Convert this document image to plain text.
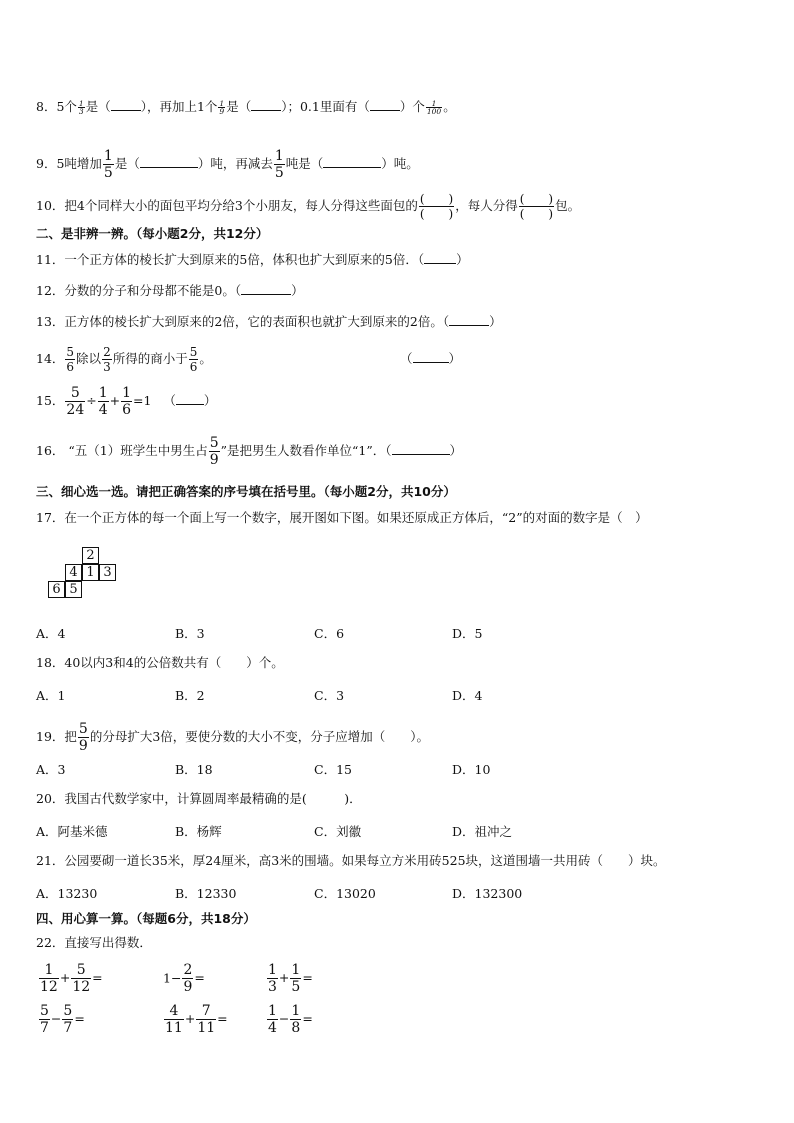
8．5个 $\frac{1}{3}$ 是（ ），再加上1个 $\frac{1}{9}$ 是（ ）；0.1里面有（ ）个 $\frac{1}{100}$ 。
9．5吨增加 $\frac{1}{5}$ 是（	）吨，再减去 $\frac{1}{5}$ 吨是（	）吨。
10．把4个同样大小的面包平均分给3个小朋友，每人分得这些面包的 $\frac{( )}{( )}$ ，每人分得 $\frac{( )}{( )}$ 包。
二、是非辨一辨。（每小题2分，共12分）
11．一个正方体的棱长扩大到原来的5倍，体积也扩大到原来的5倍．（	）
12．分数的分子和分母都不能是0。（	）
13．正方体的棱长扩大到原来的2倍，它的表面积也就扩大到原来的2倍。（	）
14． $\frac{5}{6}$ 除以 $\frac{2}{3}$ 所得的商小于 $\frac{5}{6}$ 。	（	）
15． $\frac{5}{24} \div \frac{1}{4} + \frac{1}{6} =1$ （ ）
16． “五（1）班学生中男生占 $\frac{5}{9}$ ”是把男生人数看作单位“1”．（	）
三、细心选一选。请把正确答案的序号填在括号里。（每小题2分，共10分）
17．在一个正方体的每一个面上写一个数字，展开图如下图。如果还原成正方体后，“2”的对面的数字是（　）
2
4 1 3
6 5
A．4	B．3	C．6	D．5
18．40以内3和4的公倍数共有（　　）个。
A．1	B．2	C．3	D．4
19．把 $\frac{5}{9}$ 的分母扩大3倍，要使分数的大小不变，分子应增加（　　）。
A．3	B．18	C．15	D．10
20．我国古代数学家中，计算圆周率最精确的是(　　　)．
A．阿基米德	B．杨辉	C．刘徽	D．祖冲之
21．公园要砌一道长35米，厚24厘米，高3米的围墙。如果每立方米用砖525块，这道围墙一共用砖（　　）块。
A．13230	B．12330	C．13020	D．132300
四、用心算一算。（每题6分，共18分）
22．直接写出得数．
$\frac{1}{12} + \frac{5}{12}$ =	$1- \frac{2}{9}$ =	$\frac{1}{3} + \frac{1}{5}$ =
$\frac{5}{7} - \frac{5}{7}$ =	$\frac{4}{11} + \frac{7}{11}$ =	$\frac{1}{4} - \frac{1}{8}$ =
